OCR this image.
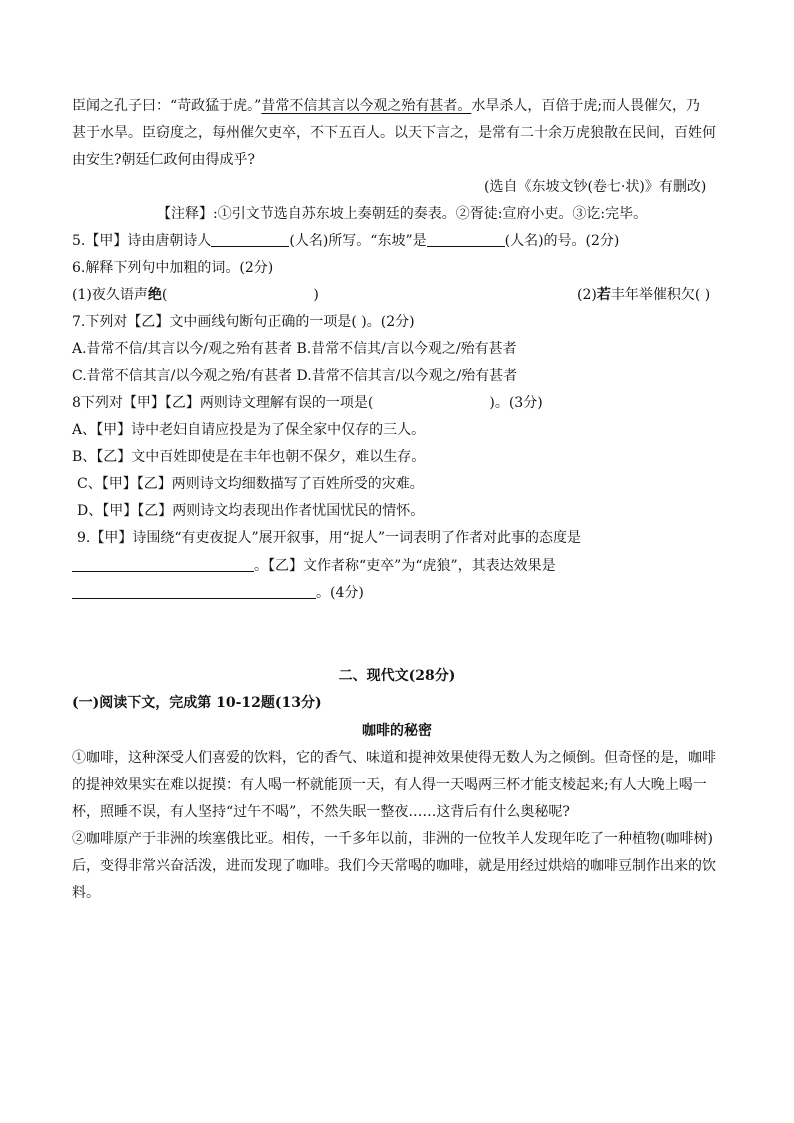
臣闻之孔子曰：“苛政猛于虎。”昔常不信其言以今观之殆有甚者。水旱杀人，百倍于虎;而人畏催欠，乃
甚于水旱。臣窃度之，每州催欠吏卒，不下五百人。以天下言之，是常有二十余万虎狼散在民间，百姓何
由安生?朝廷仁政何由得成乎?
(选自《东坡文钞(卷七·状)》有删改)
【注释】:①引文节选自苏东坡上奏朝廷的奏表。②胥徒:宣府小吏。③讫:完毕。
5.【甲】诗由唐朝诗人	(人名)所写。“东坡”是	(人名)的号。(2分)
6.解释下列句中加粗的词。(2分)
(1)夜久语声绝(	)	(2)若丰年举催积欠( )
7.下列对【乙】文中画线句断句正确的一项是( )。(2分)
A.昔常不信/其言以今/观之殆有甚者 B.昔常不信其/言以今观之/殆有甚者
C.昔常不信其言/以今观之殆/有甚者 D.昔常不信其言/以今观之/殆有甚者
8下列对【甲】【乙】两则诗文理解有误的一项是(	)。(3分)
A、【甲】诗中老妇自请应投是为了保全家中仅存的三人。
B、【乙】文中百姓即使是在丰年也朝不保夕，难以生存。
C、【甲】【乙】两则诗文均细数描写了百姓所受的灾难。
D、【甲】【乙】两则诗文均表现出作者忧国忧民的情怀。
9.【甲】诗围绕“有吏夜捉人”展开叙事，用“捉人”一词表明了作者对此事的态度是
。【乙】文作者称“吏卒”为“虎狼”，其表达效果是
。(4分)
二、现代文(28分)
(一)阅读下文，完成第 10-12题(13分)
咖啡的秘密
①咖啡，这种深受人们喜爱的饮料，它的香气、味道和提神效果使得无数人为之倾倒。但奇怪的是，咖啡
的提神效果实在难以捉摸：有人喝一杯就能顶一天，有人得一天喝两三杯才能支棱起来;有人大晚上喝一
杯，照睡不误，有人坚持“过午不喝”，不然失眠一整夜……这背后有什么奥秘呢?
②咖啡原产于非洲的埃塞俄比亚。相传，一千多年以前，非洲的一位牧羊人发现年吃了一种植物(咖啡树)
后，变得非常兴奋活泼，进而发现了咖啡。我们今天常喝的咖啡，就是用经过烘焙的咖啡豆制作出来的饮
料。
